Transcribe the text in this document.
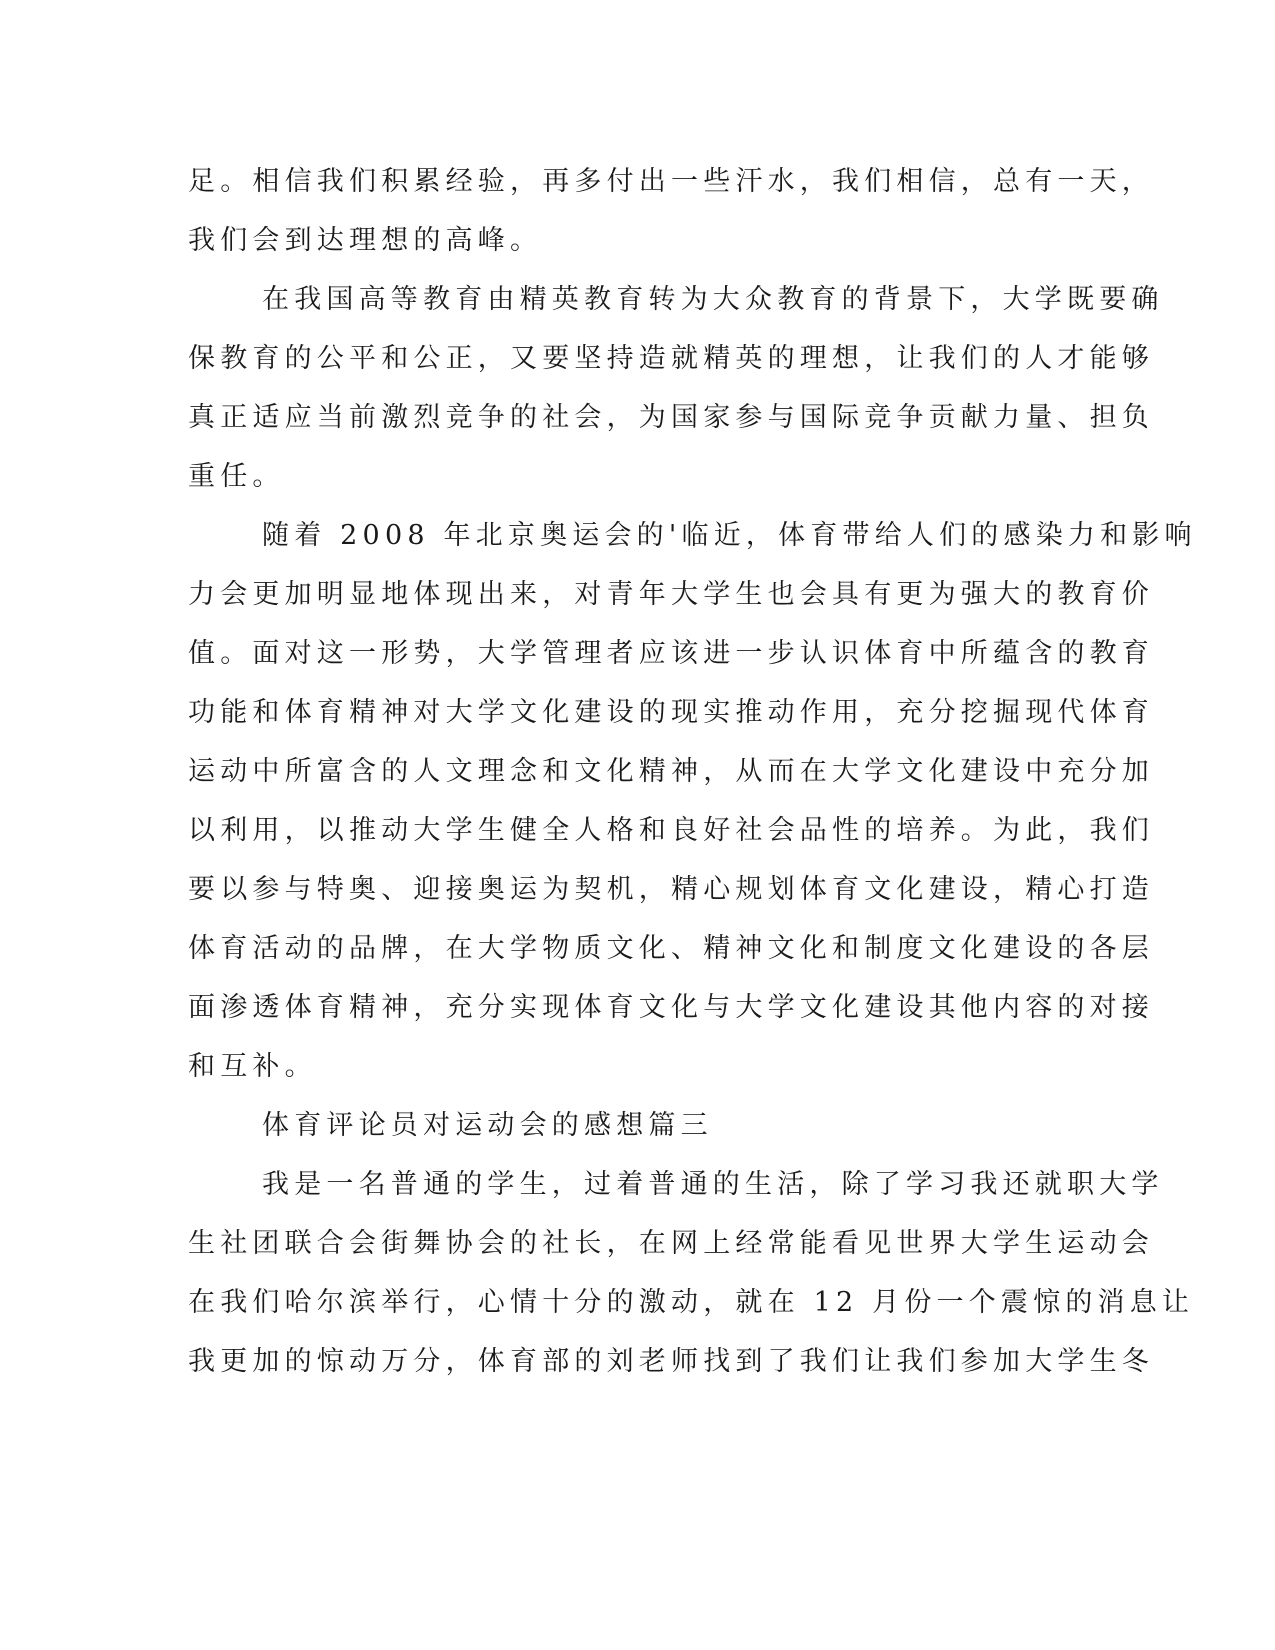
足。相信我们积累经验，再多付出一些汗水，我们相信，总有一天，
我们会到达理想的高峰。
在我国高等教育由精英教育转为大众教育的背景下，大学既要确
保教育的公平和公正，又要坚持造就精英的理想，让我们的人才能够
真正适应当前激烈竞争的社会，为国家参与国际竞争贡献力量、担负
重任。
随着 2008 年北京奥运会的'临近，体育带给人们的感染力和影响
力会更加明显地体现出来，对青年大学生也会具有更为强大的教育价
值。面对这一形势，大学管理者应该进一步认识体育中所蕴含的教育
功能和体育精神对大学文化建设的现实推动作用，充分挖掘现代体育
运动中所富含的人文理念和文化精神，从而在大学文化建设中充分加
以利用，以推动大学生健全人格和良好社会品性的培养。为此，我们
要以参与特奥、迎接奥运为契机，精心规划体育文化建设，精心打造
体育活动的品牌，在大学物质文化、精神文化和制度文化建设的各层
面渗透体育精神，充分实现体育文化与大学文化建设其他内容的对接
和互补。
体育评论员对运动会的感想篇三
我是一名普通的学生，过着普通的生活，除了学习我还就职大学
生社团联合会街舞协会的社长，在网上经常能看见世界大学生运动会
在我们哈尔滨举行，心情十分的激动，就在 12 月份一个震惊的消息让
我更加的惊动万分，体育部的刘老师找到了我们让我们参加大学生冬
